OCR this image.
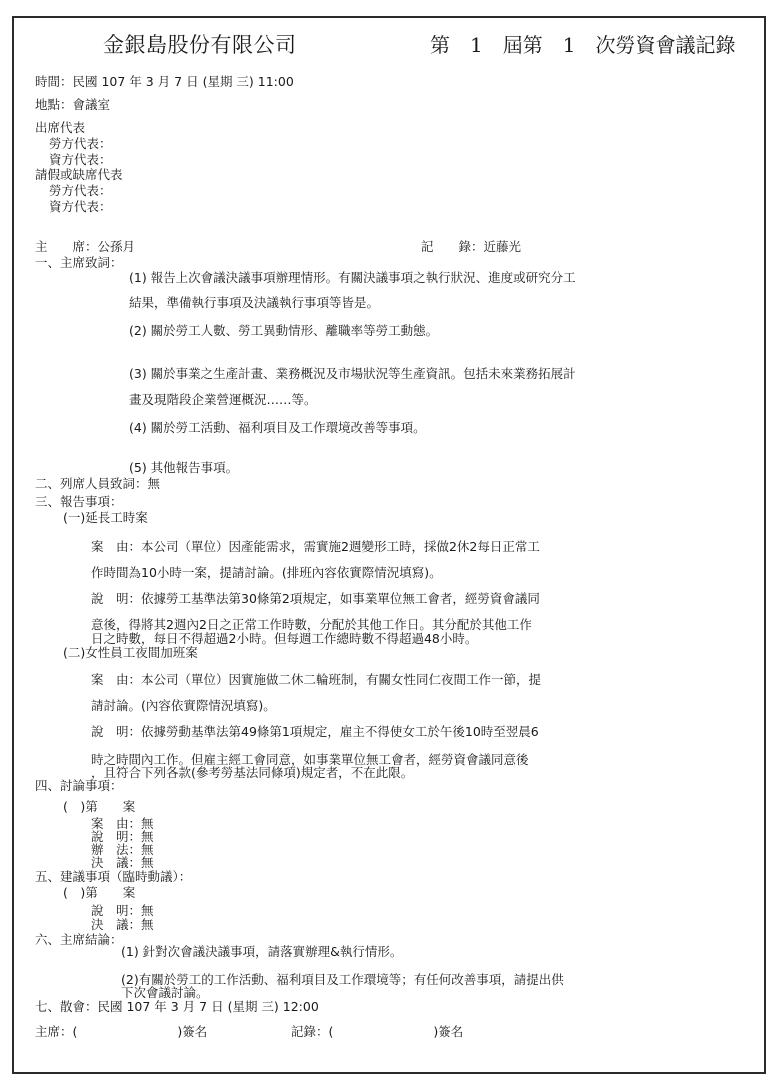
金銀島股份有限公司	第　1　屆第　1　次勞資會議記錄
時間：民國 107 年 3 月 7 日 (星期 三) 11:00
地點：會議室
出席代表
勞方代表：
資方代表：
請假或缺席代表
勞方代表：
資方代表：
主　　席：公孫月	記　　錄：近藤光
一、主席致詞：
(1) 報告上次會議決議事項辦理情形。有關決議事項之執行狀況、進度或研究分工
結果，準備執行事項及決議執行事項等皆是。
(2) 關於勞工人數、勞工異動情形、離職率等勞工動態。
(3) 關於事業之生產計畫、業務概況及市場狀況等生產資訊。包括未來業務拓展計
畫及現階段企業營運概況……等。
(4) 關於勞工活動、福利項目及工作環境改善等事項。
(5) 其他報告事項。
二、列席人員致詞：無
三、報告事項：
(一)延長工時案
案　由：本公司（單位）因產能需求，需實施2週變形工時，採做2休2每日正常工
作時間為10小時一案，提請討論。(排班內容依實際情況填寫)。
說　明：依據勞工基準法第30條第2項規定，如事業單位無工會者，經勞資會議同
意後，得將其2週內2日之正常工作時數，分配於其他工作日。其分配於其他工作
日之時數，每日不得超過2小時。但每週工作總時數不得超過48小時。
(二)女性員工夜間加班案
案　由：本公司（單位）因實施做二休二輪班制，有關女性同仁夜間工作一節，提
請討論。(內容依實際情況填寫)。
說　明：依據勞動基準法第49條第1項規定，雇主不得使女工於午後10時至翌晨6
時之時間內工作。但雇主經工會同意，如事業單位無工會者，經勞資會議同意後
，且符合下列各款(參考勞基法同條項)規定者，不在此限。
四、討論事項：
(　)第　　案
案　由：無
說　明：無
辦　法：無
決　議：無
五、建議事項（臨時動議）：
(　)第　　案
說　明：無
決　議：無
六、主席結論：
(1) 針對次會議決議事項，請落實辦理&執行情形。
(2)有關於勞工的工作活動、福利項目及工作環境等；有任何改善事項，請提出供
下次會議討論。
七、散會：民國 107 年 3 月 7 日 (星期 三) 12:00
主席：(　　　　　　　　)簽名	記錄：(　　　　　　　　)簽名
